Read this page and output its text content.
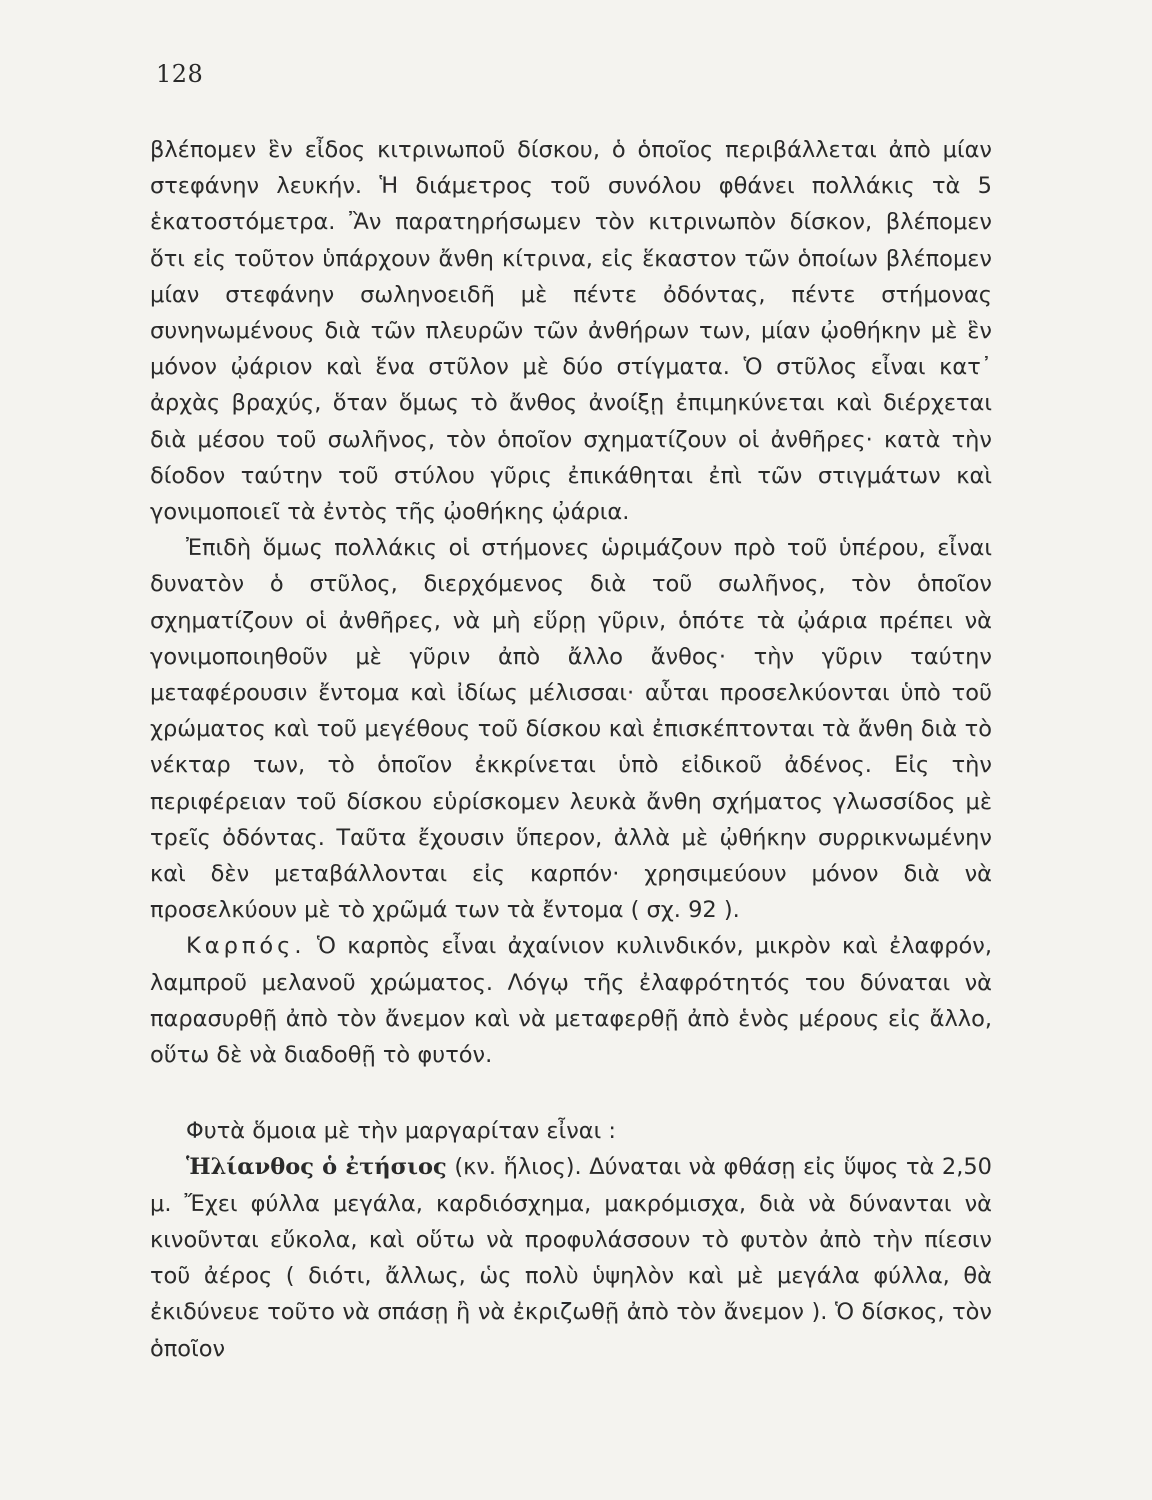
128

βλέπομεν ἓν εἶδος κιτρινωποῦ δίσκου, ὁ ὁποῖος περιβάλλεται ἀπὸ μίαν στεφάνην λευκήν. Ἡ διάμετρος τοῦ συνόλου φθάνει πολλάκις τὰ 5 ἑκατοστόμετρα. Ἂν παρατηρήσωμεν τὸν κιτρινωπὸν δίσκον, βλέπομεν ὅτι εἰς τοῦτον ὑπάρχουν ἄνθη κίτρινα, εἰς ἕκαστον τῶν ὁποίων βλέπομεν μίαν στεφάνην σωληνοειδῆ μὲ πέντε ὀδόντας, πέντε στήμονας συνηνωμένους διὰ τῶν πλευρῶν τῶν ἀνθήρων των, μίαν ᾠοθήκην μὲ ἓν μόνον ᾠάριον καὶ ἕνα στῦλον μὲ δύο στίγματα. Ὁ στῦλος εἶναι κατ᾽ ἀρχὰς βραχύς, ὅταν ὅμως τὸ ἄνθος ἀνοίξῃ ἐπιμηκύνεται καὶ διέρχεται διὰ μέσου τοῦ σωλῆνος, τὸν ὁποῖον σχηματίζουν οἱ ἀνθῆρες· κατὰ τὴν δίοδον ταύτην τοῦ στύλου γῦρις ἐπικάθηται ἐπὶ τῶν στιγμάτων καὶ γονιμοποιεῖ τὰ ἐντὸς τῆς ᾠοθήκης ᾠάρια.

Ἐπιδὴ ὅμως πολλάκις οἱ στήμονες ὡριμάζουν πρὸ τοῦ ὑπέρου, εἶναι δυνατὸν ὁ στῦλος, διερχόμενος διὰ τοῦ σωλῆνος, τὸν ὁποῖον σχηματίζουν οἱ ἀνθῆρες, νὰ μὴ εὕρῃ γῦριν, ὁπότε τὰ ᾠάρια πρέπει νὰ γονιμοποιηθοῦν μὲ γῦριν ἀπὸ ἄλλο ἄνθος· τὴν γῦριν ταύτην μεταφέρουσιν ἔντομα καὶ ἰδίως μέλισσαι· αὗται προσελκύονται ὑπὸ τοῦ χρώματος καὶ τοῦ μεγέθους τοῦ δίσκου καὶ ἐπισκέπτονται τὰ ἄνθη διὰ τὸ νέκταρ των, τὸ ὁποῖον ἐκκρίνεται ὑπὸ εἰδικοῦ ἀδένος. Εἰς τὴν περιφέρειαν τοῦ δίσκου εὑρίσκομεν λευκὰ ἄνθη σχήματος γλωσσίδος μὲ τρεῖς ὀδόντας. Ταῦτα ἔχουσιν ὕπερον, ἀλλὰ μὲ ᾠθήκην συρρικνωμένην καὶ δὲν μεταβάλλονται εἰς καρπόν· χρησιμεύουν μόνον διὰ νὰ προσελκύουν μὲ τὸ χρῶμά των τὰ ἔντομα ( σχ. 92 ).

Καρπός. Ὁ καρπὸς εἶναι ἀχαίνιον κυλινδικόν, μικρὸν καὶ ἐλαφρόν, λαμπροῦ μελανοῦ χρώματος. Λόγῳ τῆς ἐλαφρότητός του δύναται νὰ παρασυρθῇ ἀπὸ τὸν ἄνεμον καὶ νὰ μεταφερθῇ ἀπὸ ἑνὸς μέρους εἰς ἄλλο, οὕτω δὲ νὰ διαδοθῇ τὸ φυτόν.

Φυτὰ ὅμοια μὲ τὴν μαργαρίταν εἶναι :

Ἡλίανθος ὁ ἐτήσιος (κν. ἥλιος). Δύναται νὰ φθάσῃ εἰς ὕψος τὰ 2,50 μ. Ἔχει φύλλα μεγάλα, καρδιόσχημα, μακρόμισχα, διὰ νὰ δύνανται νὰ κινοῦνται εὔκολα, καὶ οὕτω νὰ προφυλάσσουν τὸ φυτὸν ἀπὸ τὴν πίεσιν τοῦ ἀέρος ( διότι, ἄλλως, ὡς πολὺ ὑψηλὸν καὶ μὲ μεγάλα φύλλα, θὰ ἐκιδύνευε τοῦτο νὰ σπάσῃ ἢ νὰ ἐκριζωθῇ ἀπὸ τὸν ἄνεμον ). Ὁ δίσκος, τὸν ὁποῖον
